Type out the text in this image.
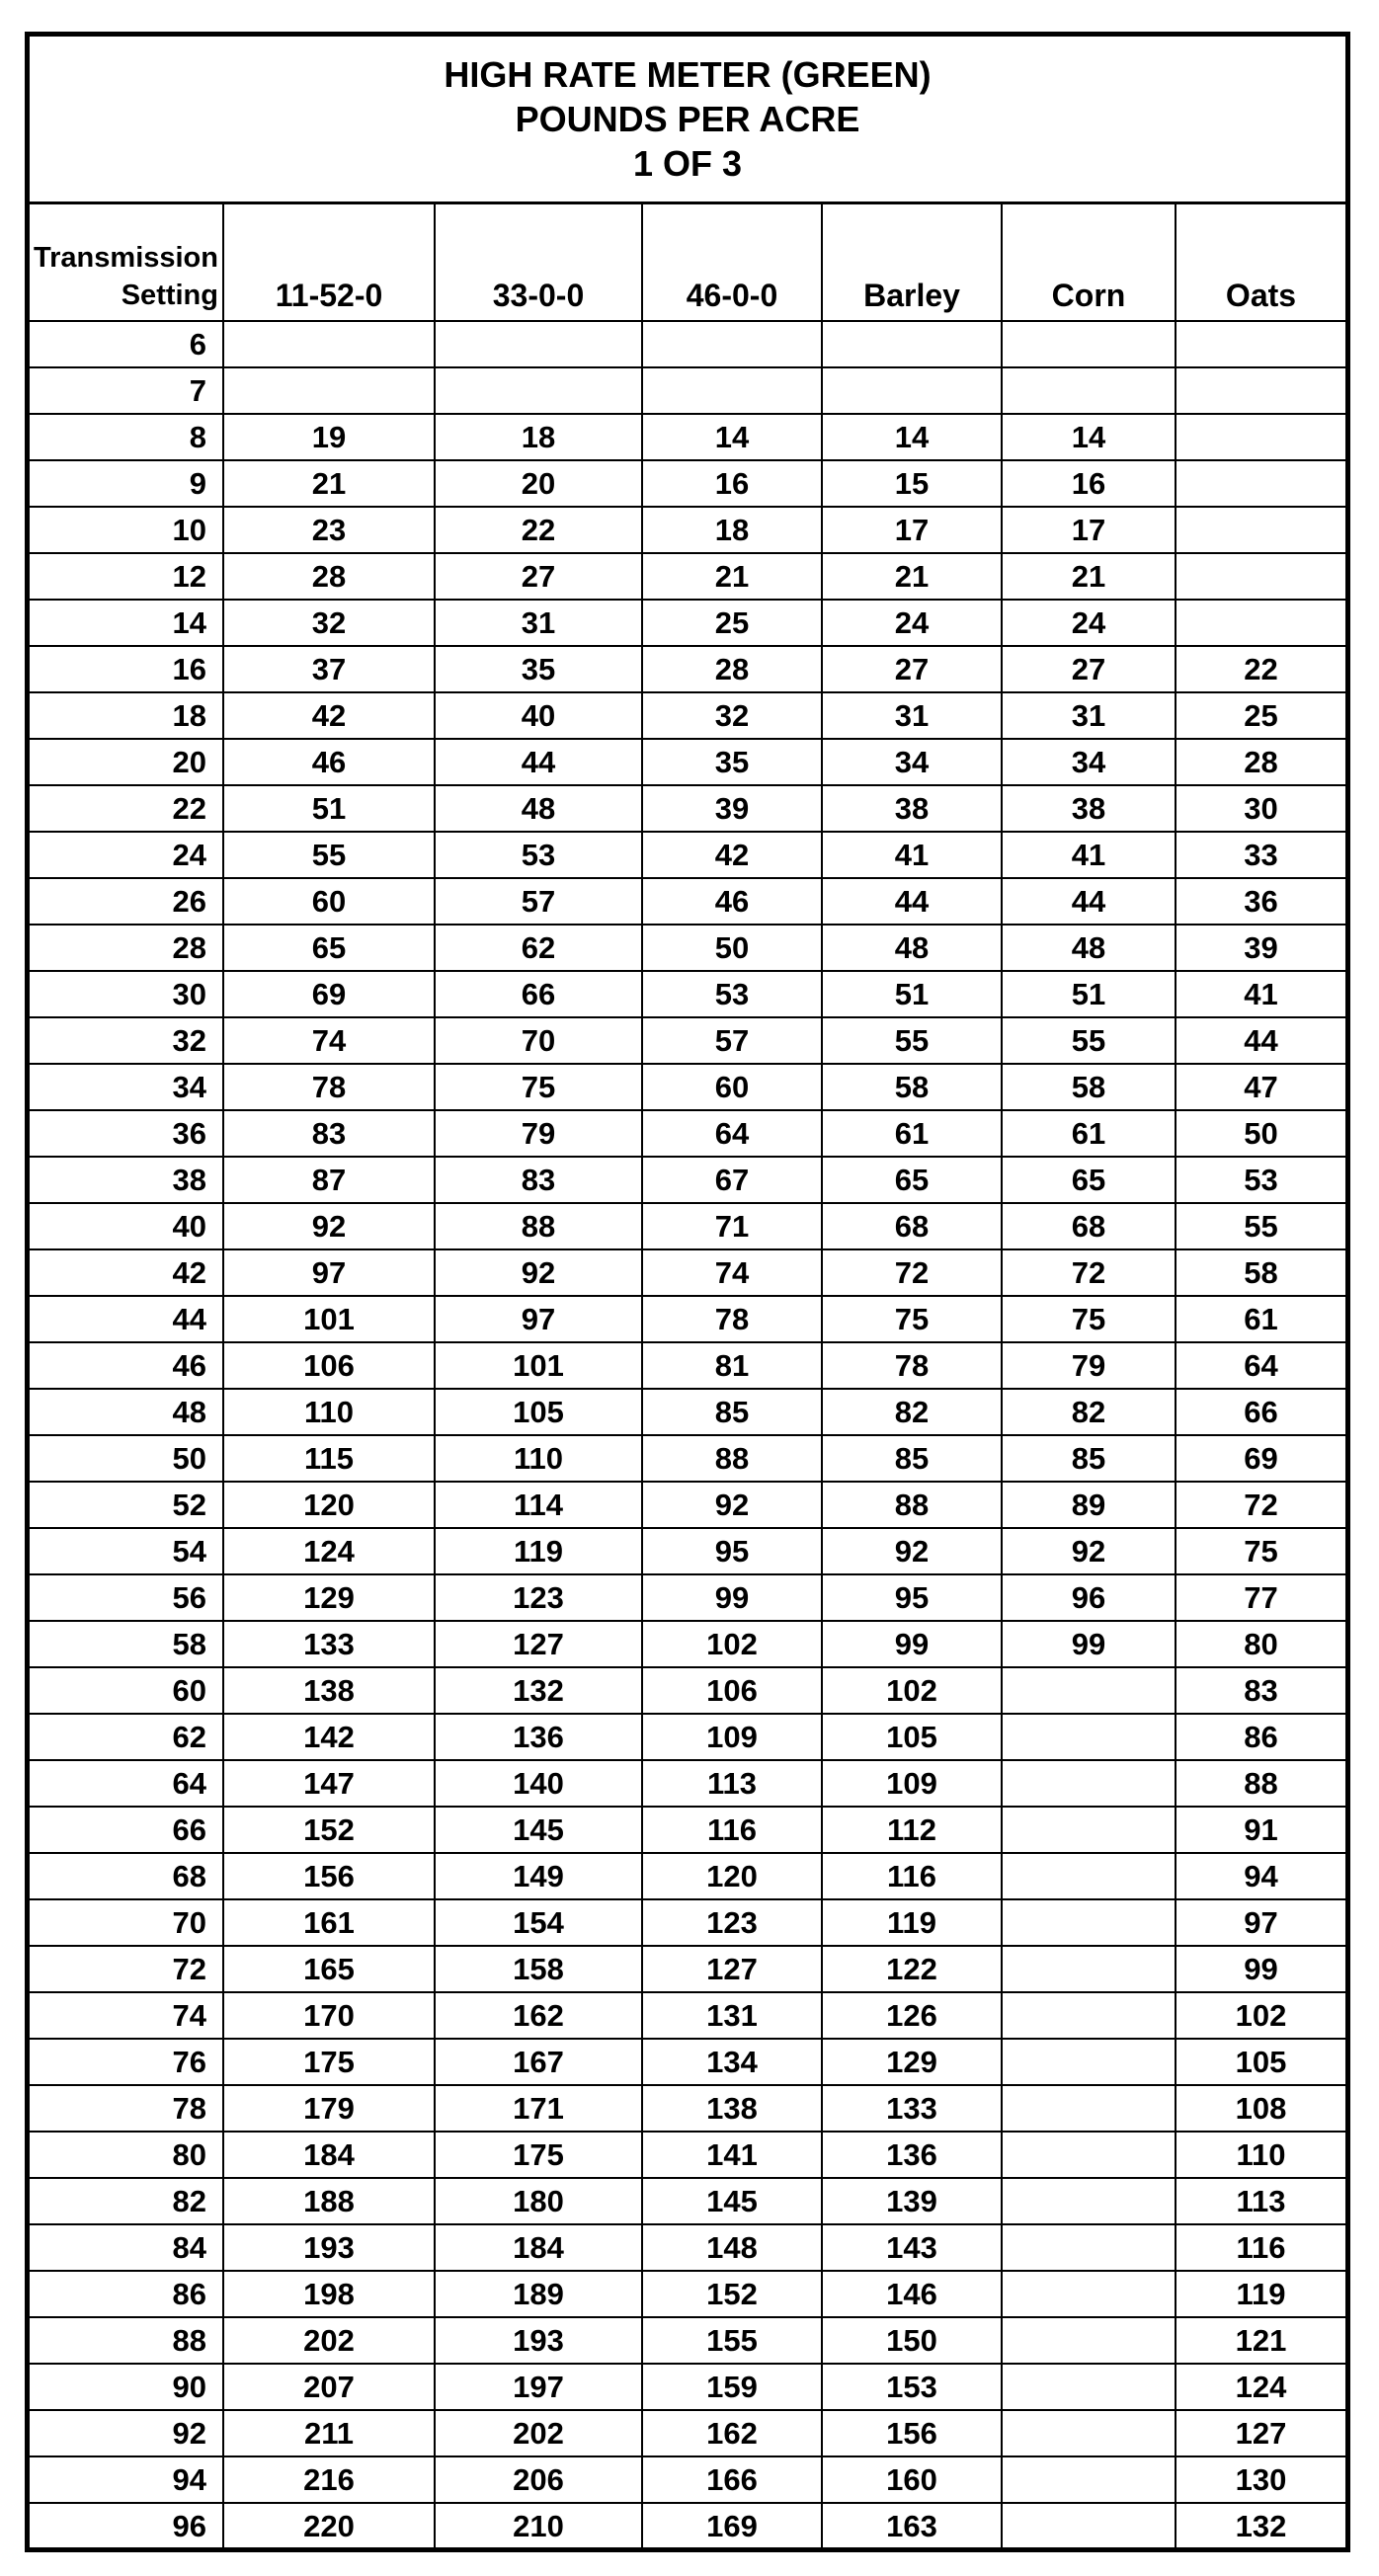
HIGH RATE METER (GREEN)
POUNDS PER ACRE
1 OF 3
Transmission
Setting	11-52-0	33-0-0	46-0-0	Barley	Corn	Oats
6						
7						
8	19	18	14	14	14	
9	21	20	16	15	16	
10	23	22	18	17	17	
12	28	27	21	21	21	
14	32	31	25	24	24	
16	37	35	28	27	27	22
18	42	40	32	31	31	25
20	46	44	35	34	34	28
22	51	48	39	38	38	30
24	55	53	42	41	41	33
26	60	57	46	44	44	36
28	65	62	50	48	48	39
30	69	66	53	51	51	41
32	74	70	57	55	55	44
34	78	75	60	58	58	47
36	83	79	64	61	61	50
38	87	83	67	65	65	53
40	92	88	71	68	68	55
42	97	92	74	72	72	58
44	101	97	78	75	75	61
46	106	101	81	78	79	64
48	110	105	85	82	82	66
50	115	110	88	85	85	69
52	120	114	92	88	89	72
54	124	119	95	92	92	75
56	129	123	99	95	96	77
58	133	127	102	99	99	80
60	138	132	106	102		83
62	142	136	109	105		86
64	147	140	113	109		88
66	152	145	116	112		91
68	156	149	120	116		94
70	161	154	123	119		97
72	165	158	127	122		99
74	170	162	131	126		102
76	175	167	134	129		105
78	179	171	138	133		108
80	184	175	141	136		110
82	188	180	145	139		113
84	193	184	148	143		116
86	198	189	152	146		119
88	202	193	155	150		121
90	207	197	159	153		124
92	211	202	162	156		127
94	216	206	166	160		130
96	220	210	169	163		132
